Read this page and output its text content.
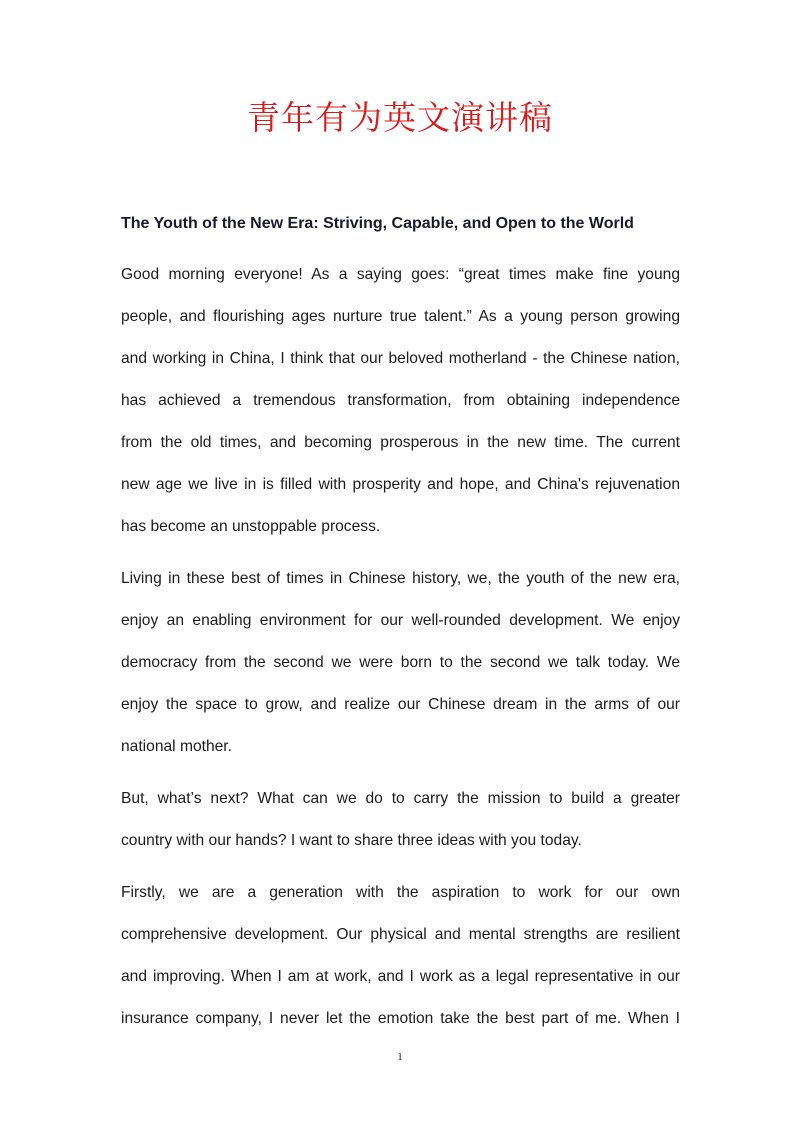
青年有为英文演讲稿
The Youth of the New Era: Striving, Capable, and Open to the World

Good morning everyone! As a saying goes: “great times make fine young
people, and flourishing ages nurture true talent.” As a young person growing
and working in China, I think that our beloved motherland - the Chinese nation,
has achieved a tremendous transformation, from obtaining independence
from the old times, and becoming prosperous in the new time. The current
new age we live in is filled with prosperity and hope, and China's rejuvenation
has become an unstoppable process.

Living in these best of times in Chinese history, we, the youth of the new era,
enjoy an enabling environment for our well-rounded development. We enjoy
democracy from the second we were born to the second we talk today. We
enjoy the space to grow, and realize our Chinese dream in the arms of our
national mother.

But, what’s next? What can we do to carry the mission to build a greater
country with our hands? I want to share three ideas with you today.

Firstly, we are a generation with the aspiration to work for our own
comprehensive development. Our physical and mental strengths are resilient
and improving. When I am at work, and I work as a legal representative in our
insurance company, I never let the emotion take the best part of me. When I

1
